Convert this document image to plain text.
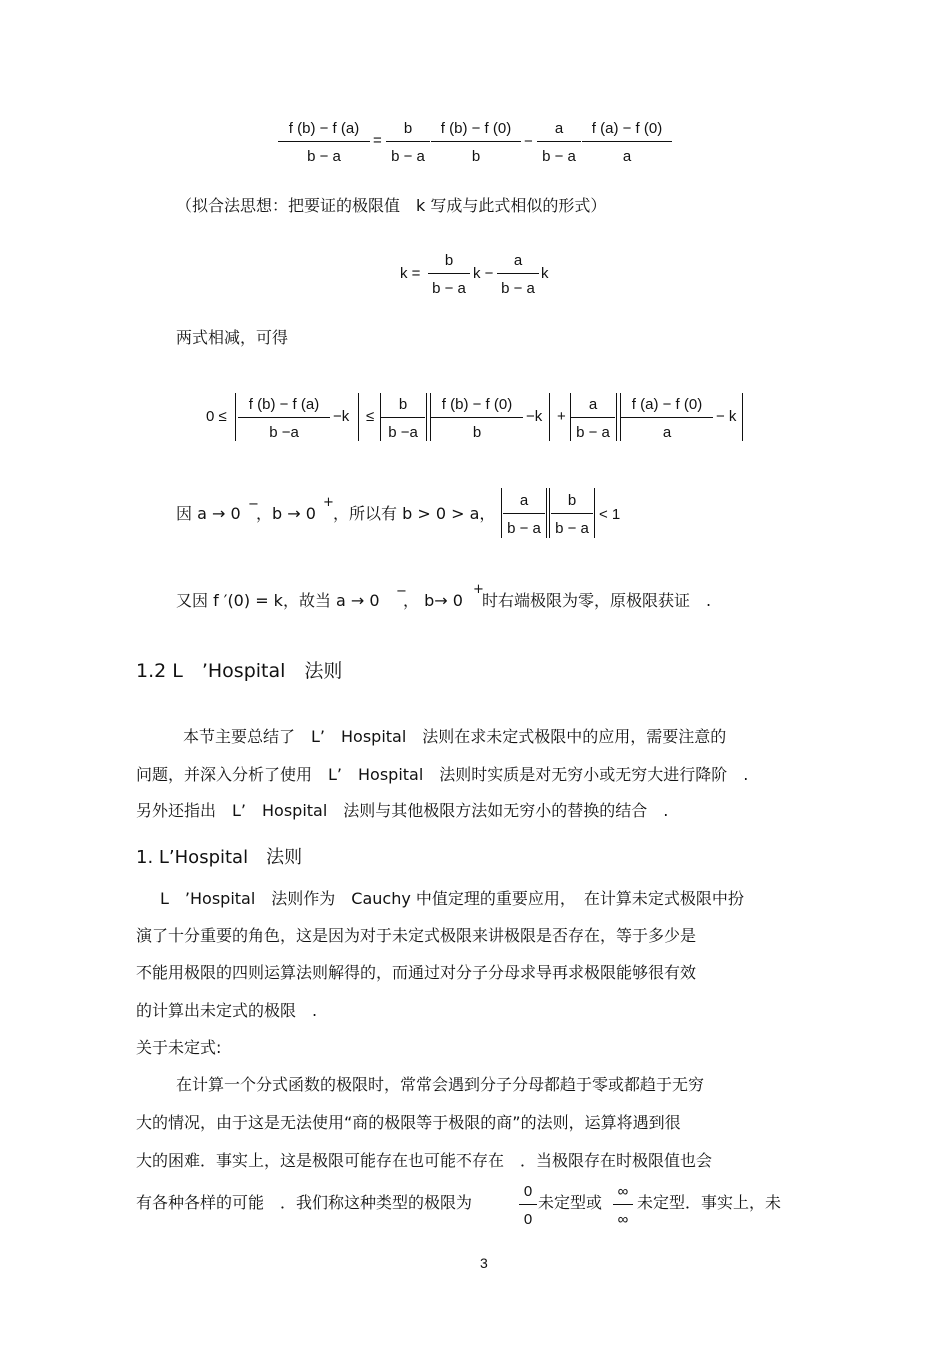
f (b) − f (a)
b − a
=
b
b − a
f (b) − f (0)
b
−
a
b − a
f (a) − f (0)
a
（拟合法思想：把要证的极限值　k 写成与此式相似的形式）
k =
b
b − a
k −
a
b − a
k
两式相减，可得
0 ≤
f (b) − f (a)
b −a
−k ≤
b
b −a
f (b) − f (0)
b
−k +
a
b − a
f (a) − f (0)
a
− k
因 a → 0 −
，b → 0
+
，所以有 b > 0 > a，
a
b − a
b
b − a
< 1
又因 f ′(0) = k，故当 a → 0 −
， b→ 0
+
时右端极限为零，原极限获证　.
1.2 L　’Hospital　法则
本节主要总结了　L’　Hospital　法则在求未定式极限中的应用，需要注意的
问题，并深入分析了使用　L’　Hospital　法则时实质是对无穷小或无穷大进行降阶　.
另外还指出　L’　Hospital　法则与其他极限方法如无穷小的替换的结合　.
1. L’Hospital　法则
L　’Hospital　法则作为　Cauchy 中值定理的重要应用，　在计算未定式极限中扮
演了十分重要的角色，这是因为对于未定式极限来讲极限是否存在，等于多少是
不能用极限的四则运算法则解得的，而通过对分子分母求导再求极限能够很有效
的计算出未定式的极限　.
关于未定式:
在计算一个分式函数的极限时，常常会遇到分子分母都趋于零或都趋于无穷
大的情况，由于这是无法使用“商的极限等于极限的商”的法则，运算将遇到很
大的困难．事实上，这是极限可能存在也可能不存在　．当极限存在时极限值也会
有各种各样的可能　．我们称这种类型的极限为
0
0
未定型或
∞
∞
未定型．事实上，未
3
